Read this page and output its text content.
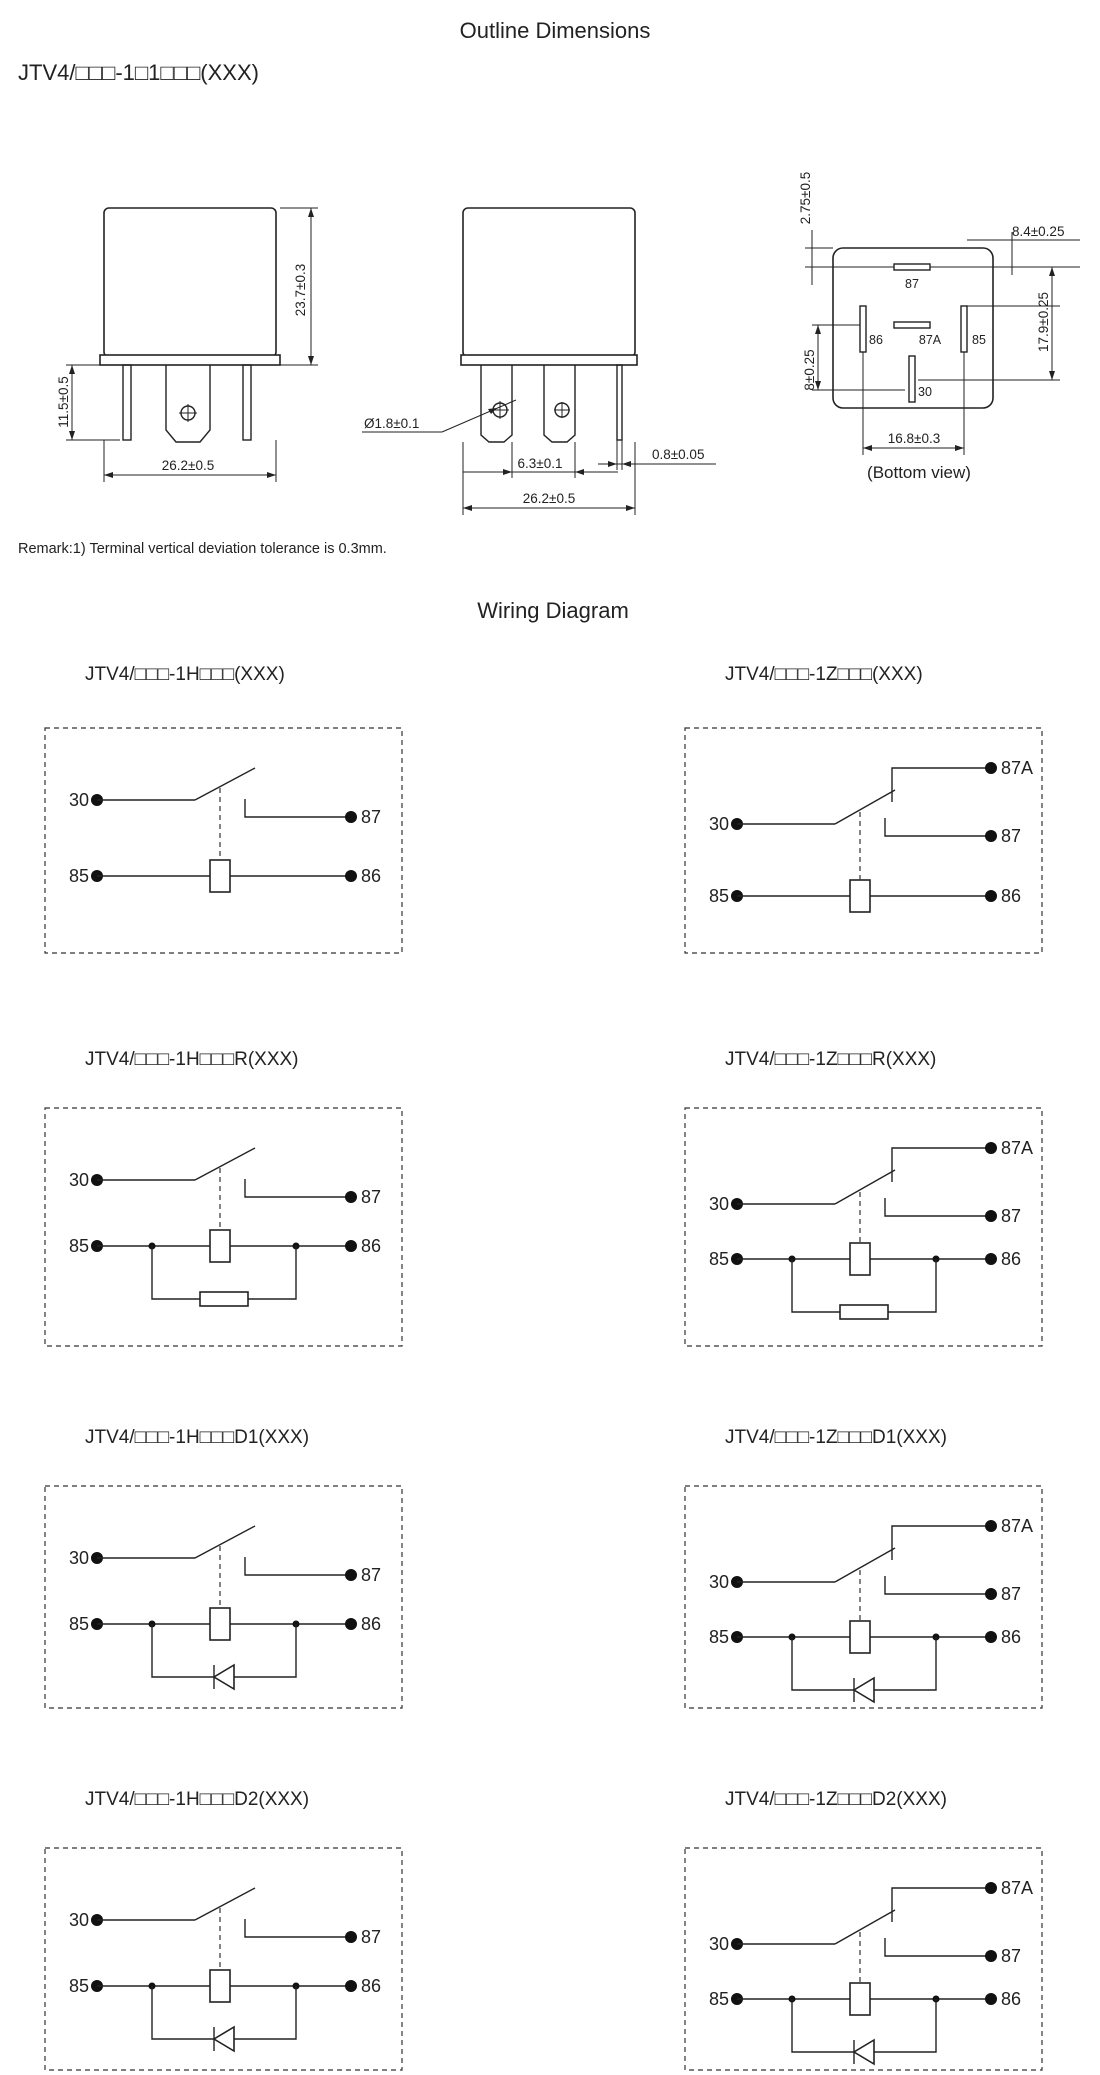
Outline Dimensions
JTV4/□□□-1□1□□□(XXX)
23.7±0.3
11.5±0.5
26.2±0.5
Ø1.8±0.1
6.3±0.1
0.8±0.05
26.2±0.5
87
87A
86	85
30
2.75±0.5
8.4±0.25
17.9±0.25
8±0.25
16.8±0.3
(Bottom view)
Remark:1) Terminal vertical deviation tolerance is 0.3mm.
Wiring Diagram
JTV4/□□□-1H□□□(XXX)
30
87
85	86
JTV4/□□□-1Z□□□(XXX)
30
87
87A
85	86
JTV4/□□□-1H□□□R(XXX)
30
87
85	86
JTV4/□□□-1Z□□□R(XXX)
30
87
87A
85	86
JTV4/□□□-1H□□□D1(XXX)
30
87
85	86
JTV4/□□□-1Z□□□D1(XXX)
30
87
87A
85	86
JTV4/□□□-1H□□□D2(XXX)
30
87
85	86
JTV4/□□□-1Z□□□D2(XXX)
30
87
87A
85	86
